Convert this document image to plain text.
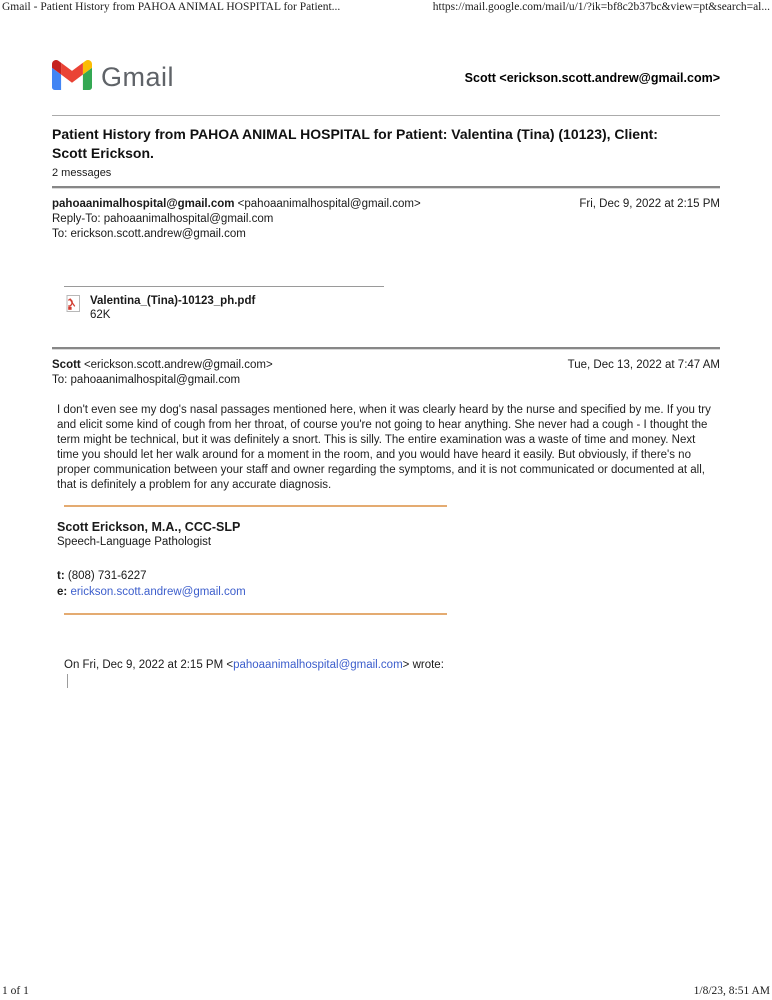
Gmail - Patient History from PAHOA ANIMAL HOSPITAL for Patient...	https://mail.google.com/mail/u/1/?ik=bf8c2b37bc&view=pt&search=al...
Gmail	Scott <erickson.scott.andrew@gmail.com>
Patient History from PAHOA ANIMAL HOSPITAL for Patient: Valentina (Tina) (10123), Client: Scott Erickson.
2 messages
pahoaanimalhospital@gmail.com <pahoaanimalhospital@gmail.com>	Fri, Dec 9, 2022 at 2:15 PM
Reply-To: pahoaanimalhospital@gmail.com
To: erickson.scott.andrew@gmail.com
Valentina_(Tina)-10123_ph.pdf
62K
Scott <erickson.scott.andrew@gmail.com>	Tue, Dec 13, 2022 at 7:47 AM
To: pahoaanimalhospital@gmail.com
I don't even see my dog's nasal passages mentioned here, when it was clearly heard by the nurse and specified by me. If you try and elicit some kind of cough from her throat, of course you're not going to hear anything. She never had a cough - I thought the term might be technical, but it was definitely a snort. This is silly. The entire examination was a waste of time and money. Next time you should let her walk around for a moment in the room, and you would have heard it easily. But obviously, if there's no proper communication between your staff and owner regarding the symptoms, and it is not communicated or documented at all, that is definitely a problem for any accurate diagnosis.
Scott Erickson, M.A., CCC-SLP
Speech-Language Pathologist
t: (808) 731-6227
e: erickson.scott.andrew@gmail.com
On Fri, Dec 9, 2022 at 2:15 PM <pahoaanimalhospital@gmail.com> wrote:
1 of 1	1/8/23, 8:51 AM
